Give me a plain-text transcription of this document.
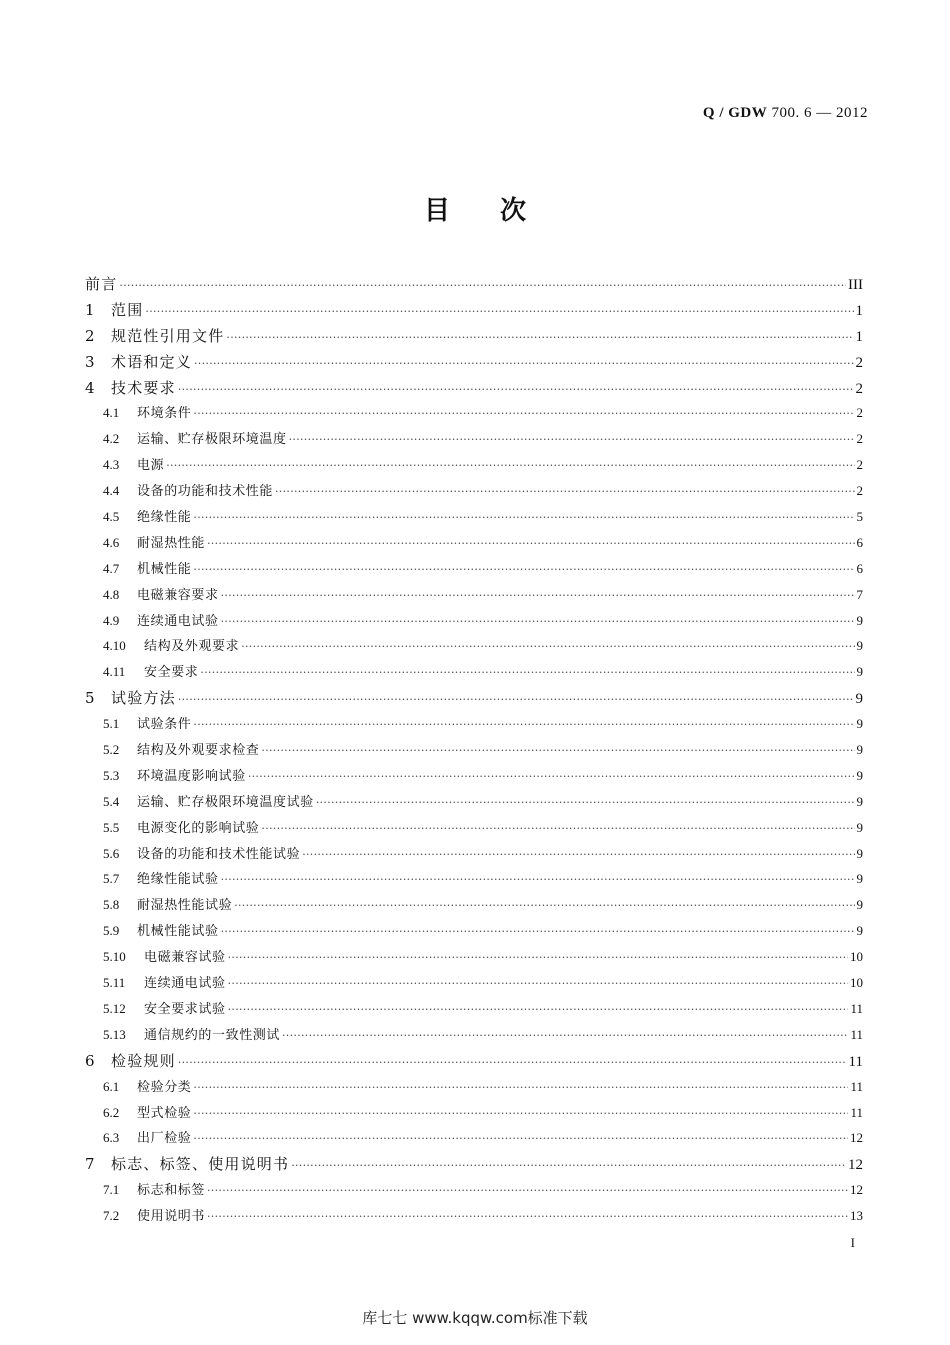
Q / GDW 700. 6 — 2012
目次
前言 ·····	III
1	范围 ·····	1
2	规范性引用文件 ·····	1
3	术语和定义 ·····	2
4	技术要求 ·····	2
4.1	环境条件 ·····	2
4.2	运输、贮存极限环境温度 ·····	2
4.3	电源 ·····	2
4.4	设备的功能和技术性能 ·····	2
4.5	绝缘性能 ·····	5
4.6	耐湿热性能 ·····	6
4.7	机械性能 ·····	6
4.8	电磁兼容要求 ·····	7
4.9	连续通电试验 ·····	9
4.10	结构及外观要求 ·····	9
4.11	安全要求 ·····	9
5	试验方法 ·····	9
5.1	试验条件 ·····	9
5.2	结构及外观要求检查 ·····	9
5.3	环境温度影响试验 ·····	9
5.4	运输、贮存极限环境温度试验 ·····	9
5.5	电源变化的影响试验 ·····	9
5.6	设备的功能和技术性能试验 ·····	9
5.7	绝缘性能试验 ·····	9
5.8	耐湿热性能试验 ·····	9
5.9	机械性能试验 ·····	9
5.10	电磁兼容试验 ·····	10
5.11	连续通电试验 ·····	10
5.12	安全要求试验 ·····	11
5.13	通信规约的一致性测试 ·····	11
6	检验规则 ·····	11
6.1	检验分类 ·····	11
6.2	型式检验 ·····	11
6.3	出厂检验 ·····	12
7	标志、标签、使用说明书 ·····	12
7.1	标志和标签 ·····	12
7.2	使用说明书 ·····	13
I
库七七 www.kqqw.com标准下载
